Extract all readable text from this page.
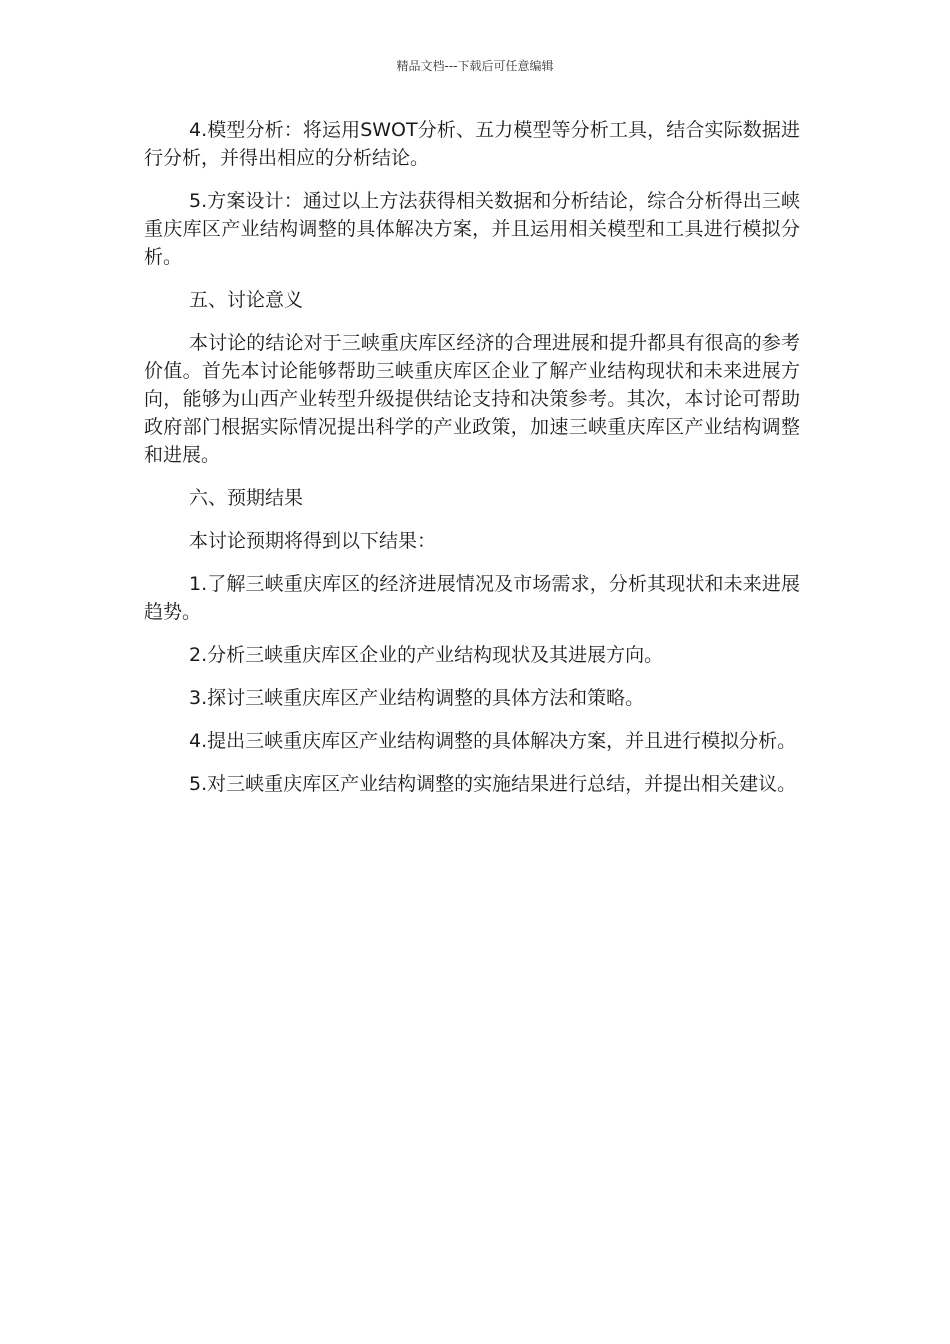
精品文档---下载后可任意编辑

4.模型分析：将运用SWOT分析、五力模型等分析工具，结合实际数据进行分析，并得出相应的分析结论。

5.方案设计：通过以上方法获得相关数据和分析结论，综合分析得出三峡重庆库区产业结构调整的具体解决方案，并且运用相关模型和工具进行模拟分析。

五、讨论意义

本讨论的结论对于三峡重庆库区经济的合理进展和提升都具有很高的参考价值。首先本讨论能够帮助三峡重庆库区企业了解产业结构现状和未来进展方向，能够为山西产业转型升级提供结论支持和决策参考。其次，本讨论可帮助政府部门根据实际情况提出科学的产业政策，加速三峡重庆库区产业结构调整和进展。

六、预期结果

本讨论预期将得到以下结果：

1.了解三峡重庆库区的经济进展情况及市场需求，分析其现状和未来进展趋势。

2.分析三峡重庆库区企业的产业结构现状及其进展方向。

3.探讨三峡重庆库区产业结构调整的具体方法和策略。

4.提出三峡重庆库区产业结构调整的具体解决方案，并且进行模拟分析。

5.对三峡重庆库区产业结构调整的实施结果进行总结，并提出相关建议。
